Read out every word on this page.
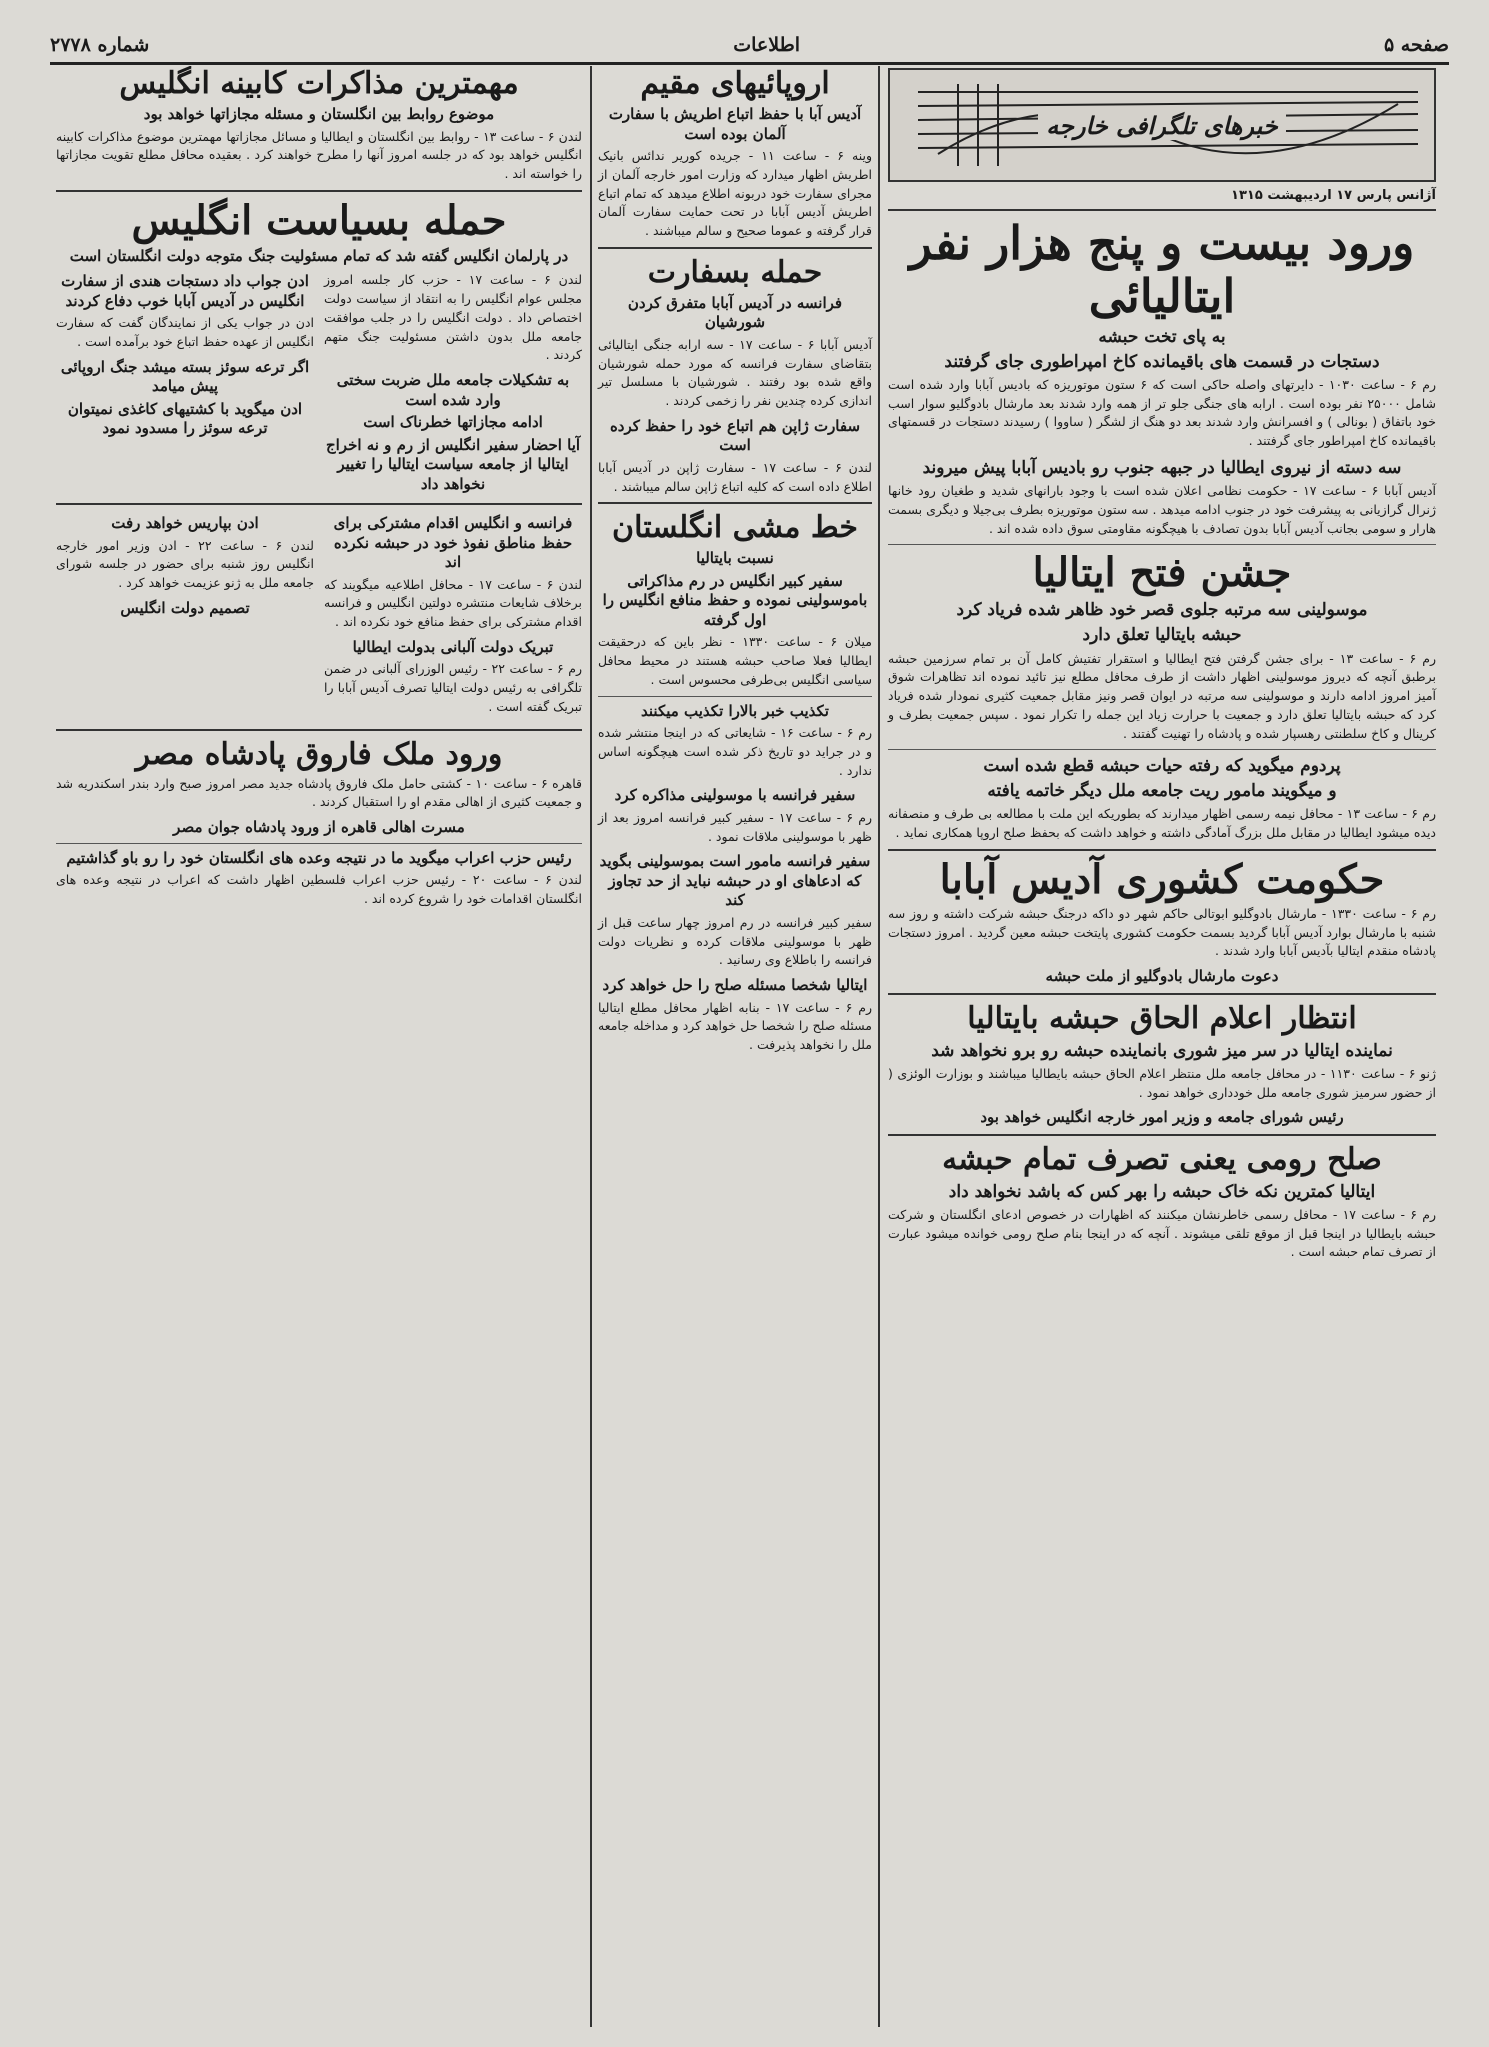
صفحه ۵
اطلاعات
شماره ۲۷۷۸
خبرهای تلگرافی خارجه
آژانس پارس ۱۷ اردیبهشت ۱۳۱۵
ورود بیست و پنج هزار نفر ایتالیائی
به پای تخت حبشه
دستجات در قسمت های باقیمانده کاخ امپراطوری جای گرفتند

رم ۶ - ساعت ۱۰۳۰ - دایرتهای واصله حاکی است که ۶ ستون موتوریزه که بادیس آبابا وارد شده است شامل ۲۵۰۰۰ نفر بوده است . ارابه های جنگی جلو تر از همه وارد شدند بعد مارشال بادوگلیو سوار اسب خود باتفاق ( بونالی ) و افسرانش وارد شدند بعد دو هنگ از لشگر ( ساووا ) رسیدند دستجات در قسمتهای باقیمانده کاخ امپراطور جای گرفتند .

سه دسته از نیروی ایطالیا در جبهه جنوب رو بادیس آبابا پیش میروند

آدیس آبابا ۶ - ساعت ۱۷ - حکومت نظامی اعلان شده است با وجود بارانهای شدید و طغیان رود خانها ژنرال گرازیانی به پیشرفت خود در جنوب ادامه میدهد . سه ستون موتوریزه بطرف بی‌جیلا و دیگری بسمت هارار و سومی بجانب آدیس آبابا بدون تصادف با هیچگونه مقاومتی سوق داده شده اند .

جشن فتح ایتالیا
موسولینی سه مرتبه جلوی قصر خود ظاهر شده فریاد کرد
حبشه بایتالیا تعلق دارد

رم ۶ - ساعت ۱۳ - برای جشن گرفتن فتح ایطالیا و استقرار تفتیش کامل آن بر تمام سرزمین حبشه برطبق آنچه که دیروز موسولینی اظهار داشت از طرف محافل مطلع نیز تائید نموده اند تظاهرات شوق آمیز امروز ادامه دارند و موسولینی سه مرتبه در ایوان قصر ونیز مقابل جمعیت کثیری نمودار شده فریاد کرد که حبشه بایتالیا تعلق دارد و جمعیت با حرارت زیاد این جمله را تکرار نمود . سپس جمعیت بطرف و کرینال و کاخ سلطنتی رهسپار شده و پادشاه را تهنیت گفتند .

پردوم میگوید که رفته حیات حبشه قطع شده است
و میگویند مامور ریت جامعه ملل دیگر خاتمه یافته

رم ۶ - ساعت ۱۳ - محافل نیمه رسمی اظهار میدارند که بطوریکه این ملت با مطالعه بی طرف و منصفانه دیده میشود ایطالیا در مقابل ملل بزرگ آمادگی داشته و خواهد داشت که بحفظ صلح اروپا همکاری نماید .

حکومت کشوری آدیس آبابا

رم ۶ - ساعت ۱۳۳۰ - مارشال بادوگلیو ابوتالی حاکم شهر دو داکه درجنگ حبشه شرکت داشته و روز سه شنبه با مارشال بوارد آدیس آبابا گردید بسمت حکومت کشوری پایتخت حبشه معین گردید . امروز دستجات پادشاه منقدم ایتالیا بآدیس آبابا وارد شدند .

دعوت مارشال بادوگلیو از ملت حبشه
انتظار اعلام الحاق حبشه بایتالیا
نماینده ایتالیا در سر میز شوری بانماینده حبشه رو برو نخواهد شد

ژنو ۶ - ساعت ۱۱۳۰ - در محافل جامعه ملل منتظر اعلام الحاق حبشه بایطالیا میباشند و بوزارت الوئزی ( از حضور سرمیز شوری جامعه ملل خودداری خواهد نمود .

رئیس شورای جامعه و وزیر امور خارجه انگلیس خواهد بود
صلح رومی یعنی تصرف تمام حبشه
ایتالیا کمترین نکه خاک حبشه را بهر کس که باشد نخواهد داد

رم ۶ - ساعت ۱۷ - محافل رسمی خاطرنشان میکنند که اظهارات در خصوص ادعای انگلستان و شرکت حبشه بایطالیا در اینجا قبل از موقع تلقی میشوند . آنچه که در اینجا بنام صلح رومی خوانده میشود عبارت از تصرف تمام حبشه است .

اروپائیهای مقیم
آدیس آبا با حفظ اتباع اطریش با سفارت آلمان بوده است

وینه ۶ - ساعت ۱۱ - جریده کوریر ندائس بانیک اطریش اظهار میدارد که وزارت امور خارجه آلمان از مجرای سفارت خود دربونه اطلاع میدهد که تمام اتباع اطریش آدیس آبابا در تحت حمایت سفارت آلمان قرار گرفته و عموما صحیح و سالم میباشند .

حمله بسفارت
فرانسه در آدیس آبابا متفرق کردن شورشیان

آدیس آبابا ۶ - ساعت ۱۷ - سه ارابه جنگی ایتالیائی بتقاضای سفارت فرانسه که مورد حمله شورشیان واقع شده بود رفتند . شورشیان با مسلسل تیر اندازی کرده چندین نفر را زخمی کردند .

سفارت ژاپن هم اتباع خود را حفظ کرده است

لندن ۶ - ساعت ۱۷ - سفارت ژاپن در آدیس آبابا اطلاع داده است که کلیه اتباع ژاپن سالم میباشند .

خط مشی انگلستان
نسبت بایتالیا
سفیر کبیر انگلیس در رم مذاکراتی باموسولینی نموده و حفظ منافع انگلیس را اول گرفته

میلان ۶ - ساعت ۱۳۳۰ - نظر باین که درحقیقت ایطالیا فعلا صاحب حبشه هستند در محیط محافل سیاسی انگلیس بی‌طرفی محسوس است .

تکذیب خبر بالارا تکذیب میکنند

رم ۶ - ساعت ۱۶ - شایعاتی که در اینجا منتشر شده و در جراید دو تاریخ ذکر شده است هیچگونه اساس ندارد .

سفیر فرانسه با موسولینی مذاکره کرد

رم ۶ - ساعت ۱۷ - سفیر کبیر فرانسه امروز بعد از ظهر با موسولینی ملاقات نمود .

سفیر فرانسه مامور است بموسولینی بگوید که ادعاهای او در حبشه نباید از حد تجاوز کند

سفیر کبیر فرانسه در رم امروز چهار ساعت قبل از ظهر با موسولینی ملاقات کرده و نظریات دولت فرانسه را باطلاع وی رسانید .

ایتالیا شخصا مسئله صلح را حل خواهد کرد

رم ۶ - ساعت ۱۷ - بنابه اظهار محافل مطلع ایتالیا مسئله صلح را شخصا حل خواهد کرد و مداخله جامعه ملل را نخواهد پذیرفت .

مهمترین مذاکرات کابینه انگلیس
موضوع روابط بین انگلستان و مسئله مجازاتها خواهد بود

لندن ۶ - ساعت ۱۳ - روابط بین انگلستان و ایطالیا و مسائل مجازاتها مهمترین موضوع مذاکرات کابینه انگلیس خواهد بود که در جلسه امروز آنها را مطرح خواهند کرد . بعقیده محافل مطلع تقویت مجازاتها را خواسته اند .

حمله بسیاست انگلیس
در پارلمان انگلیس گفته شد که تمام مسئولیت جنگ متوجه دولت انگلستان است

لندن ۶ - ساعت ۱۷ - حزب کار جلسه امروز مجلس عوام انگلیس را به انتقاد از سیاست دولت اختصاص داد . دولت انگلیس را در جلب موافقت جامعه ملل بدون داشتن مسئولیت جنگ متهم کردند .

به تشکیلات جامعه ملل ضربت سختی وارد شده است
ادامه مجازاتها خطرناک است
آیا احضار سفیر انگلیس از رم و نه اخراج ایتالیا از جامعه سیاست ایتالیا را تغییر نخواهد داد
ادن جواب داد دستجات هندی از سفارت انگلیس در آدیس آبابا خوب دفاع کردند

ادن در جواب یکی از نمایندگان گفت که سفارت انگلیس از عهده حفظ اتباع خود برآمده است .

اگر ترعه سوئز بسته میشد جنگ اروپائی پیش میامد
ادن میگوید با کشتیهای کاغذی نمیتوان ترعه سوئز را مسدود نمود
فرانسه و انگلیس اقدام مشترکی برای حفظ مناطق نفوذ خود در حبشه نکرده اند

لندن ۶ - ساعت ۱۷ - محافل اطلاعیه میگویند که برخلاف شایعات منتشره دولتین انگلیس و فرانسه اقدام مشترکی برای حفظ منافع خود نکرده اند .

تبریک دولت آلبانی بدولت ایطالیا

رم ۶ - ساعت ۲۲ - رئیس الوزرای آلبانی در ضمن تلگرافی به رئیس دولت ایتالیا تصرف آدیس آبابا را تبریک گفته است .

ادن بپاریس خواهد رفت

لندن ۶ - ساعت ۲۲ - ادن وزیر امور خارجه انگلیس روز شنبه برای حضور در جلسه شورای جامعه ملل به ژنو عزیمت خواهد کرد .

تصمیم دولت انگلیس
ورود ملک فاروق پادشاه مصر

قاهره ۶ - ساعت ۱۰ - کشتی حامل ملک فاروق پادشاه جدید مصر امروز صبح وارد بندر اسکندریه شد و جمعیت کثیری از اهالی مقدم او را استقبال کردند .

مسرت اهالی قاهره از ورود پادشاه جوان مصر
رئیس حزب اعراب میگوید ما در نتیجه وعده های انگلستان خود را رو باو گذاشتیم

لندن ۶ - ساعت ۲۰ - رئیس حزب اعراب فلسطین اظهار داشت که اعراب در نتیجه وعده های انگلستان اقدامات خود را شروع کرده اند .
